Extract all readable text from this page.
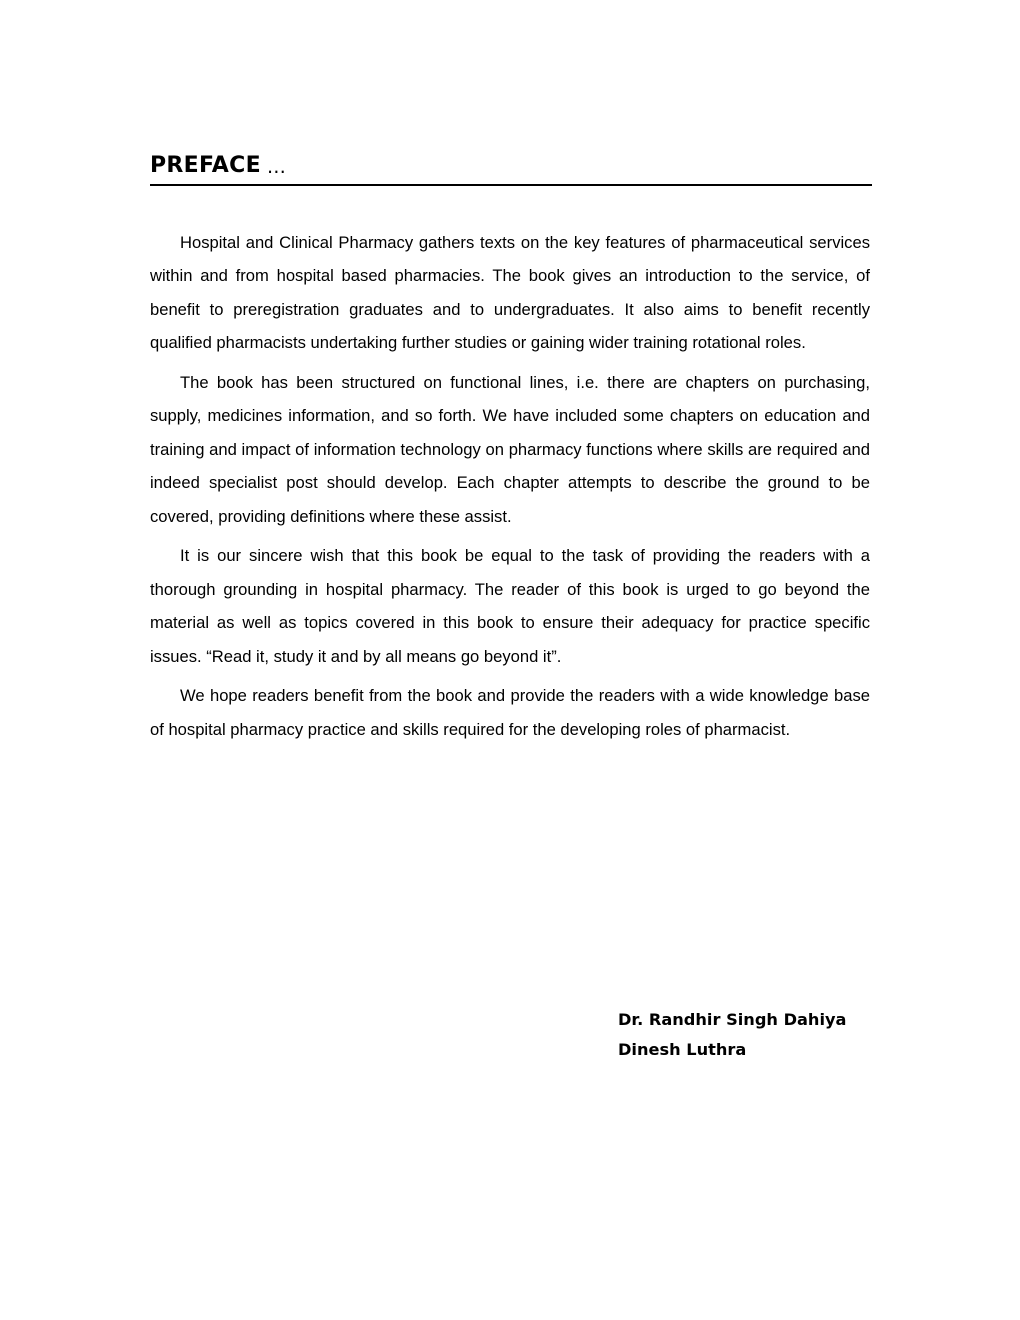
PREFACE …

Hospital and Clinical Pharmacy gathers texts on the key features of pharmaceutical services within and from hospital based pharmacies. The book gives an introduction to the service, of benefit to preregistration graduates and to undergraduates. It also aims to benefit recently qualified pharmacists undertaking further studies or gaining wider training rotational roles.

The book has been structured on functional lines, i.e. there are chapters on purchasing, supply, medicines information, and so forth. We have included some chapters on education and training and impact of information technology on pharmacy functions where skills are required and indeed specialist post should develop. Each chapter attempts to describe the ground to be covered, providing definitions where these assist.

It is our sincere wish that this book be equal to the task of providing the readers with a thorough grounding in hospital pharmacy. The reader of this book is urged to go beyond the material as well as topics covered in this book to ensure their adequacy for practice specific issues. “Read it, study it and by all means go beyond it”.

We hope readers benefit from the book and provide the readers with a wide knowledge base of hospital pharmacy practice and skills required for the developing roles of pharmacist.

Dr. Randhir Singh Dahiya
Dinesh Luthra
